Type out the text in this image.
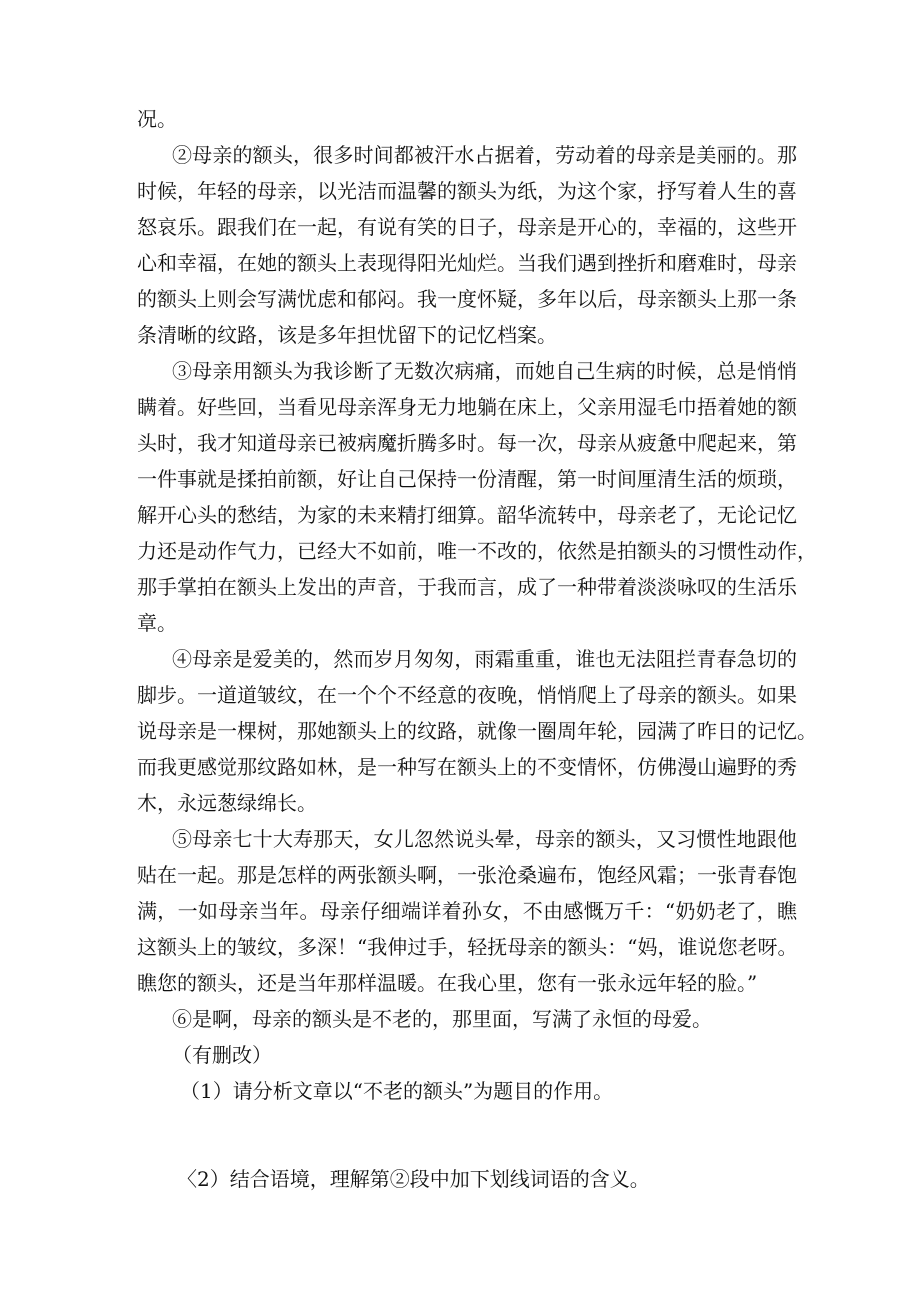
况。
②母亲的额头，很多时间都被汗水占据着，劳动着的母亲是美丽的。那
时候，年轻的母亲，以光洁而温馨的额头为纸，为这个家，抒写着人生的喜
怒哀乐。跟我们在一起，有说有笑的日子，母亲是开心的，幸福的，这些开
心和幸福，在她的额头上表现得阳光灿烂。当我们遇到挫折和磨难时，母亲
的额头上则会写满忧虑和郁闷。我一度怀疑，多年以后，母亲额头上那一条
条清晰的纹路，该是多年担忧留下的记忆档案。
③母亲用额头为我诊断了无数次病痛，而她自己生病的时候，总是悄悄
瞒着。好些回，当看见母亲浑身无力地躺在床上，父亲用湿毛巾捂着她的额
头时，我才知道母亲已被病魔折腾多时。每一次，母亲从疲惫中爬起来，第
一件事就是揉拍前额，好让自己保持一份清醒，第一时间厘清生活的烦琐，
解开心头的愁结，为家的未来精打细算。韶华流转中，母亲老了，无论记忆
力还是动作气力，已经大不如前，唯一不改的，依然是拍额头的习惯性动作，
那手掌拍在额头上发出的声音，于我而言，成了一种带着淡淡咏叹的生活乐
章。
④母亲是爱美的，然而岁月匆匆，雨霜重重，谁也无法阻拦青春急切的
脚步。一道道皱纹，在一个个不经意的夜晚，悄悄爬上了母亲的额头。如果
说母亲是一棵树，那她额头上的纹路，就像一圈周年轮，园满了昨日的记忆。
而我更感觉那纹路如林，是一种写在额头上的不变情怀，仿佛漫山遍野的秀
木，永远葱绿绵长。
⑤母亲七十大寿那天，女儿忽然说头晕，母亲的额头，又习惯性地跟他
贴在一起。那是怎样的两张额头啊，一张沧桑遍布，饱经风霜；一张青春饱
满，一如母亲当年。母亲仔细端详着孙女，不由感慨万千：“奶奶老了，瞧
这额头上的皱纹，多深！“我伸过手，轻抚母亲的额头：“妈，谁说您老呀。
瞧您的额头，还是当年那样温暖。在我心里，您有一张永远年轻的脸。”
⑥是啊，母亲的额头是不老的，那里面，写满了永恒的母爱。
（有删改）
（1）请分析文章以“不老的额头”为题目的作用。
〈2）结合语境，理解第②段中加下划线词语的含义。
